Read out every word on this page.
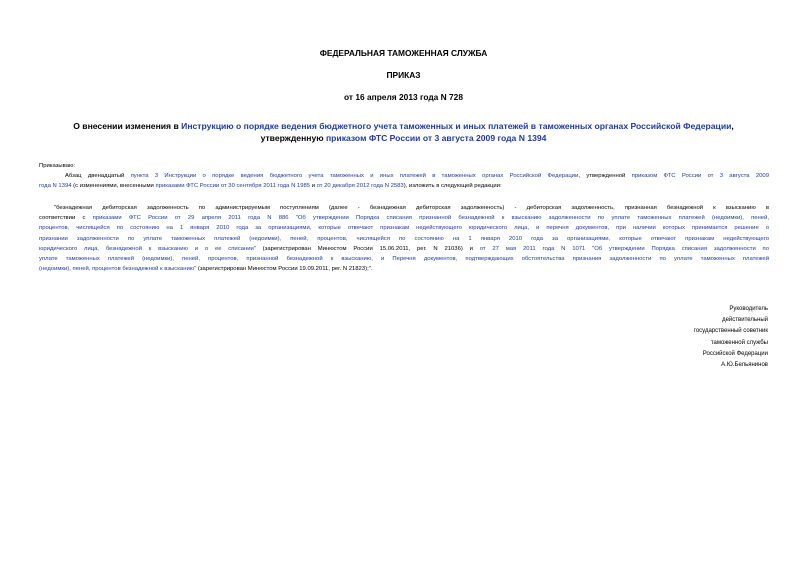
ФЕДЕРАЛЬНАЯ ТАМОЖЕННАЯ СЛУЖБА
ПРИКАЗ
от 16 апреля 2013 года N 728
О внесении изменения в Инструкцию о порядке ведения бюджетного учета таможенных и иных платежей в таможенных органах Российской Федерации,
утвержденную приказом ФТС России от 3 августа 2009 года N 1394
Приказываю:
Абзац двенадцатый пункта 3 Инструкции о порядке ведения бюджетного учета таможенных и иных платежей в таможенных органах Российской Федерации, утвержденной приказом ФТС России от 3 августа 2009
года N 1394 (с изменениями, внесенными приказами ФТС России от 30 сентября 2011 года N 1985 и от 20 декабря 2012 года N 2583), изложить в следующей редакции:
"безнадежная дебиторская задолженность по администрируемым поступлениям (далее - безнадежная дебиторская задолженность) - дебиторская задолженность, признанная безнадежной к взысканию в
соответствии с приказами ФТС России от 29 апреля 2011 года N 886 "Об утверждении Порядка списания признанной безнадежной к взысканию задолженности по уплате таможенных платежей (недоимки), пеней,
процентов, числящейся по состоянию на 1 января 2010 года за организациями, которые отвечают признакам недействующего юридического лица, и перечня документов, при наличии которых принимается решение о
признании задолженности по уплате таможенных платежей (недоимки), пеней, процентов, числящейся по состоянию на 1 января 2010 года за организациями, которые отвечают признакам недействующего
юридического лица, безнадежной к взысканию и о ее списании" (зарегистрирован Минюстом России 15.06.2011, рег. N 21036) и от 27 мая 2011 года N 1071 "Об утверждении Порядка списания задолженности по
уплате таможенных платежей (недоимки), пеней, процентов, признанной безнадежной к взысканию, и Перечня документов, подтверждающих обстоятельства признания задолженности по уплате таможенных платежей
(недоимки), пеней, процентов безнадежной к взысканию" (зарегистрирован Минюстом России 19.09.2011, рег. N 21823);".
Руководитель
действительный
государственный советник
таможенной службы
Российской Федерации
А.Ю.Бельянинов
